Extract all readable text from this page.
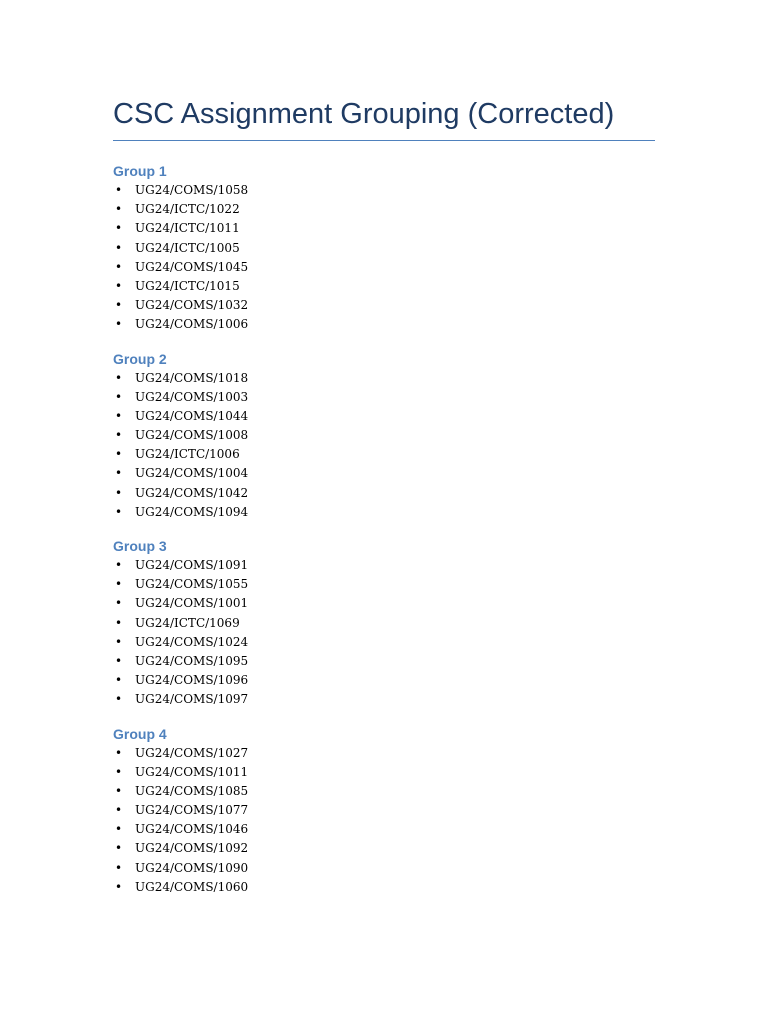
CSC Assignment Grouping (Corrected)
Group 1
• UG24/COMS/1058
• UG24/ICTC/1022
• UG24/ICTC/1011
• UG24/ICTC/1005
• UG24/COMS/1045
• UG24/ICTC/1015
• UG24/COMS/1032
• UG24/COMS/1006
Group 2
• UG24/COMS/1018
• UG24/COMS/1003
• UG24/COMS/1044
• UG24/COMS/1008
• UG24/ICTC/1006
• UG24/COMS/1004
• UG24/COMS/1042
• UG24/COMS/1094
Group 3
• UG24/COMS/1091
• UG24/COMS/1055
• UG24/COMS/1001
• UG24/ICTC/1069
• UG24/COMS/1024
• UG24/COMS/1095
• UG24/COMS/1096
• UG24/COMS/1097
Group 4
• UG24/COMS/1027
• UG24/COMS/1011
• UG24/COMS/1085
• UG24/COMS/1077
• UG24/COMS/1046
• UG24/COMS/1092
• UG24/COMS/1090
• UG24/COMS/1060
